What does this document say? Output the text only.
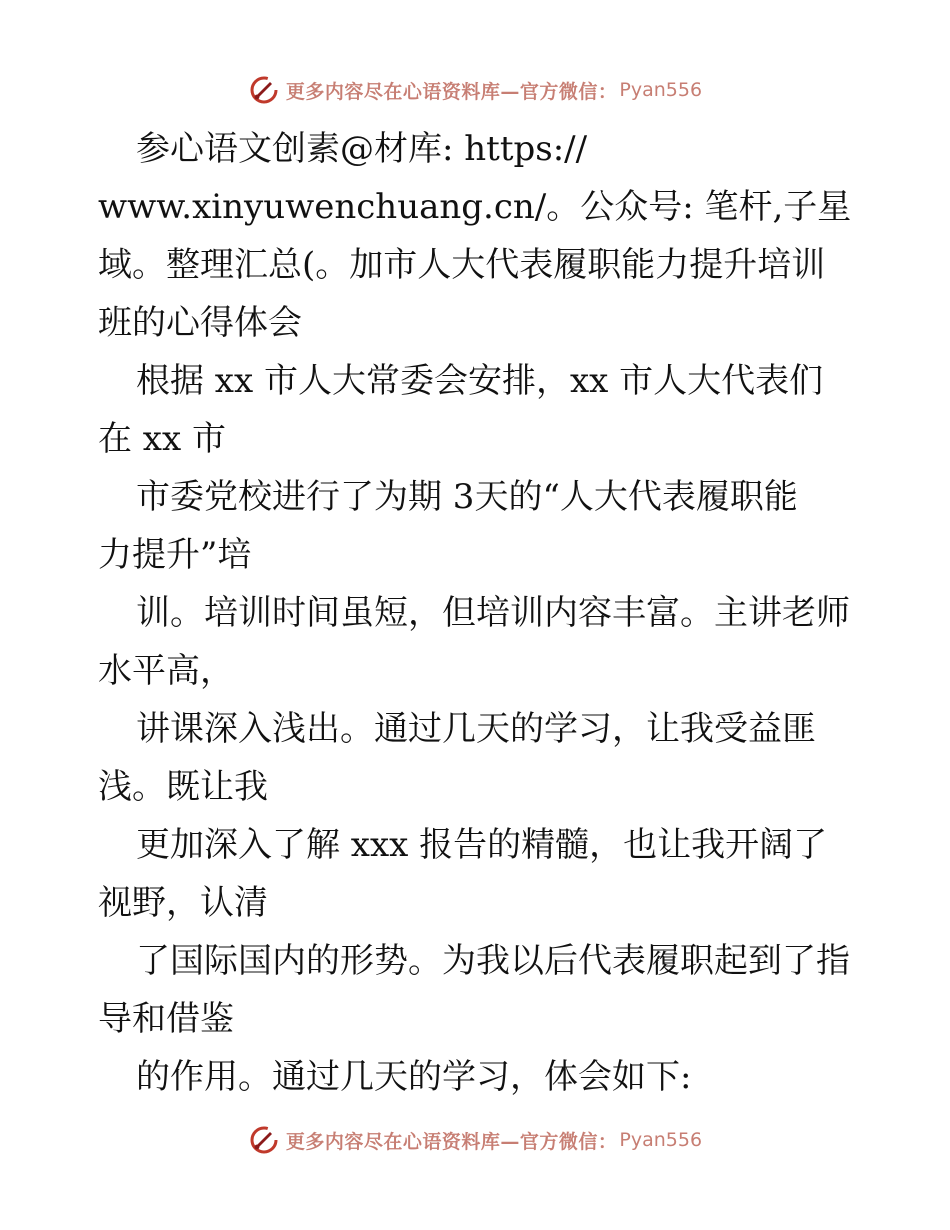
更多内容尽在心语资料库—官方微信： Pyan556
参心语文创素@材库: https://
www.xinyuwenchuang.cn/。公众号: 笔杆,子星
域。整理汇总(。加市人大代表履职能力提升培训
班的心得体会
根据 xx 市人大常委会安排，xx 市人大代表们
在 xx 市
市委党校进行了为期 3天的“人大代表履职能
力提升”培
训。培训时间虽短，但培训内容丰富。主讲老师
水平高，
讲课深入浅出。通过几天的学习，让我受益匪
浅。既让我
更加深入了解 xxx 报告的精髓，也让我开阔了
视野，认清
了国际国内的形势。为我以后代表履职起到了指
导和借鉴
的作用。通过几天的学习，体会如下:
更多内容尽在心语资料库—官方微信： Pyan556
